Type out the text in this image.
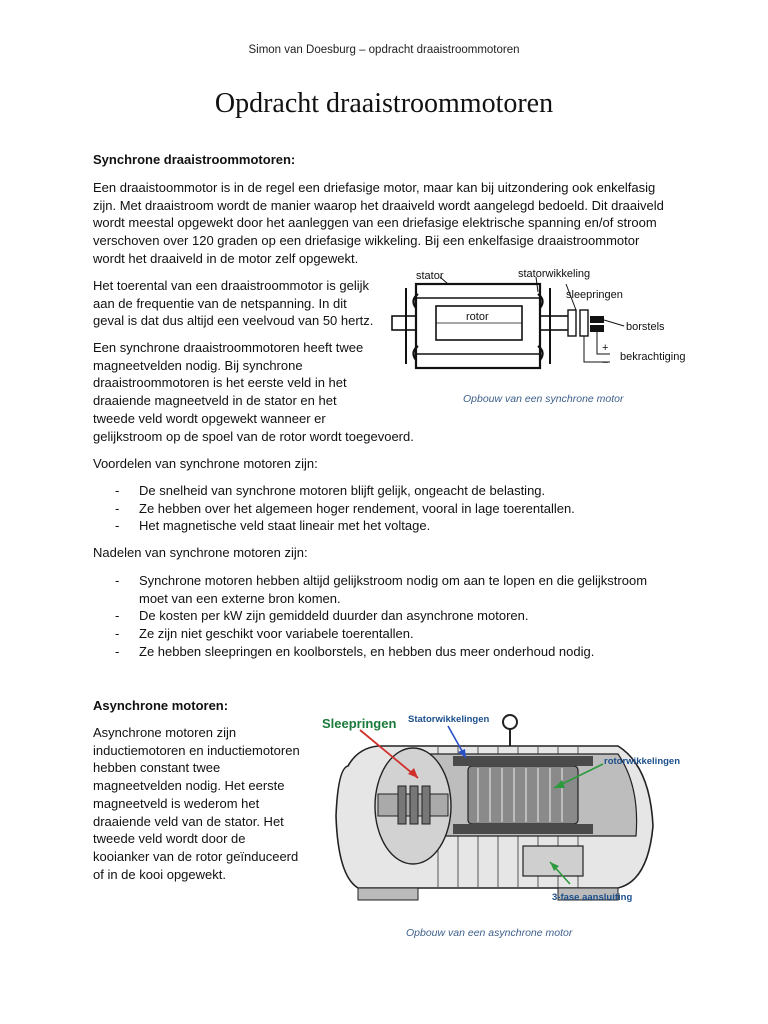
Simon van Doesburg – opdracht draaistroommotoren
Opdracht draaistroommotoren
Synchrone draaistroommotoren:
Een draaistoommotor is in de regel een driefasige motor, maar kan bij uitzondering ook enkelfasig
zijn. Met draaistroom wordt de manier waarop het draaiveld wordt aangelegd bedoeld. Dit draaiveld
wordt meestal opgewekt door het aanleggen van een driefasige elektrische spanning en/of stroom
verschoven over 120 graden op een driefasige wikkeling. Bij een enkelfasige draaistroommotor
wordt het draaiveld in de motor zelf opgewekt.
Het toerental van een draaistroommotor is gelijk
aan de frequentie van de netspanning. In dit
geval is dat dus altijd een veelvoud van 50 hertz.
Een synchrone draaistroommotoren heeft twee
magneetvelden nodig. Bij synchrone
draaistroommotoren is het eerste veld in het
draaiende magneetveld in de stator en het
tweede veld wordt opgewekt wanneer er
gelijkstroom op de spoel van de rotor wordt toegevoerd.
stator	statorwikkeling
sleepringen
rotor
borstels
+
− bekrachtiging
Opbouw van een synchrone motor
Voordelen van synchrone motoren zijn:
- De snelheid van synchrone motoren blijft gelijk, ongeacht de belasting.
- Ze hebben over het algemeen hoger rendement, vooral in lage toerentallen.
- Het magnetische veld staat lineair met het voltage.
Nadelen van synchrone motoren zijn:
- Synchrone motoren hebben altijd gelijkstroom nodig om aan te lopen en die gelijkstroom
moet van een externe bron komen.
- De kosten per kW zijn gemiddeld duurder dan asynchrone motoren.
- Ze zijn niet geschikt voor variabele toerentallen.
- Ze hebben sleepringen en koolborstels, en hebben dus meer onderhoud nodig.
Asynchrone motoren:
Asynchrone motoren zijn
inductiemotoren en inductiemotoren
hebben constant twee
magneetvelden nodig. Het eerste
magneetveld is wederom het
draaiende veld van de stator. Het
tweede veld wordt door de
kooianker van de rotor geïnduceerd
of in de kooi opgewekt.
Sleepringen Statorwikkelingen
rotorwikkelingen
3-fase aansluiting
Opbouw van een asynchrone motor
